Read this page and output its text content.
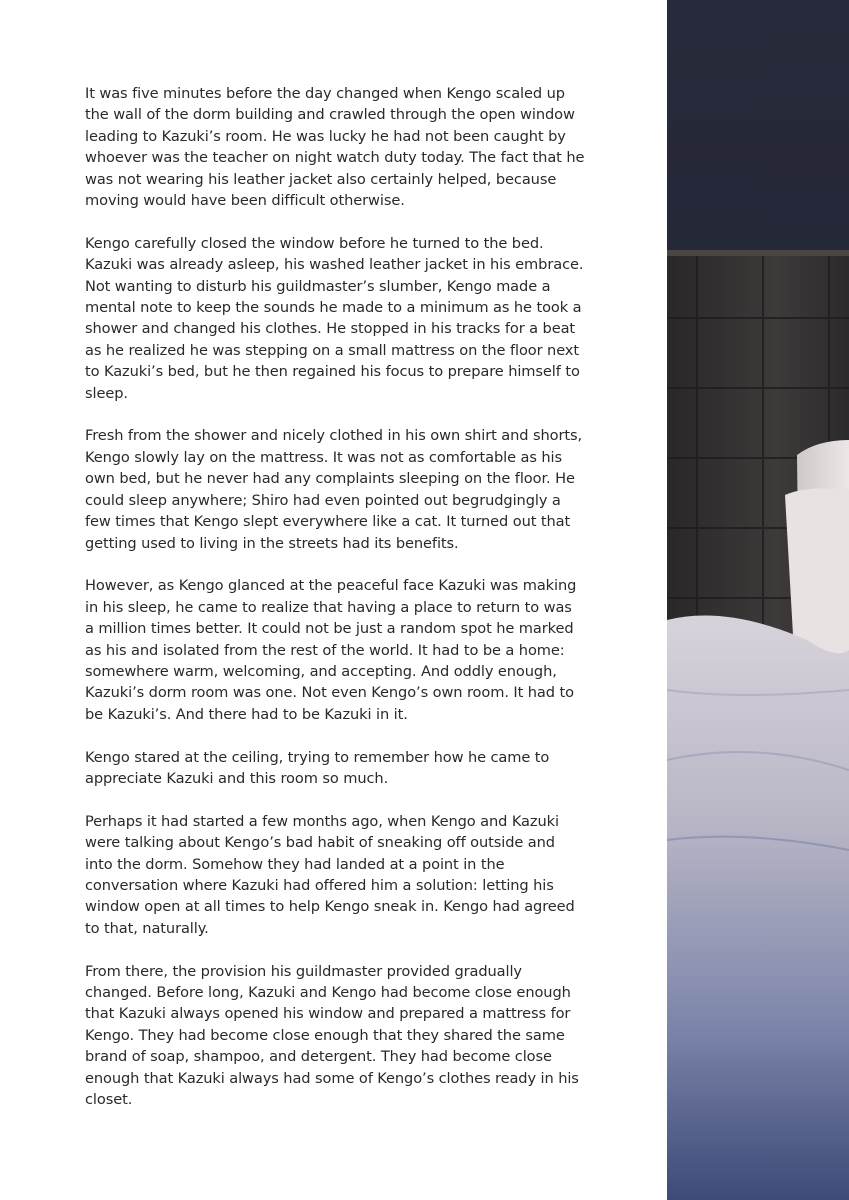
It was five minutes before the day changed when Kengo scaled up the wall of the dorm building and crawled through the open window leading to Kazuki’s room. He was lucky he had not been caught by whoever was the teacher on night watch duty today. The fact that he was not wearing his leather jacket also certainly helped, because moving would have been difficult otherwise.

Kengo carefully closed the window before he turned to the bed. Kazuki was already asleep, his washed leather jacket in his embrace. Not wanting to disturb his guildmaster’s slumber, Kengo made a mental note to keep the sounds he made to a minimum as he took a shower and changed his clothes. He stopped in his tracks for a beat as he realized he was stepping on a small mattress on the floor next to Kazuki’s bed, but he then regained his focus to prepare himself to sleep.

Fresh from the shower and nicely clothed in his own shirt and shorts, Kengo slowly lay on the mattress. It was not as comfortable as his own bed, but he never had any complaints sleeping on the floor. He could sleep anywhere; Shiro had even pointed out begrudgingly a few times that Kengo slept everywhere like a cat. It turned out that getting used to living in the streets had its benefits.

However, as Kengo glanced at the peaceful face Kazuki was making in his sleep, he came to realize that having a place to return to was a million times better. It could not be just a random spot he marked as his and isolated from the rest of the world. It had to be a home: somewhere warm, welcoming, and accepting. And oddly enough, Kazuki’s dorm room was one. Not even Kengo’s own room. It had to be Kazuki’s. And there had to be Kazuki in it.

Kengo stared at the ceiling, trying to remember how he came to appreciate Kazuki and this room so much.

Perhaps it had started a few months ago, when Kengo and Kazuki were talking about Kengo’s bad habit of sneaking off outside and into the dorm. Somehow they had landed at a point in the conversation where Kazuki had offered him a solution: letting his window open at all times to help Kengo sneak in. Kengo had agreed to that, naturally.

From there, the provision his guildmaster provided gradually changed. Before long, Kazuki and Kengo had become close enough that Kazuki always opened his window and prepared a mattress for Kengo. They had become close enough that they shared the same brand of soap, shampoo, and detergent. They had become close enough that Kazuki always had some of Kengo’s clothes ready in his closet.
